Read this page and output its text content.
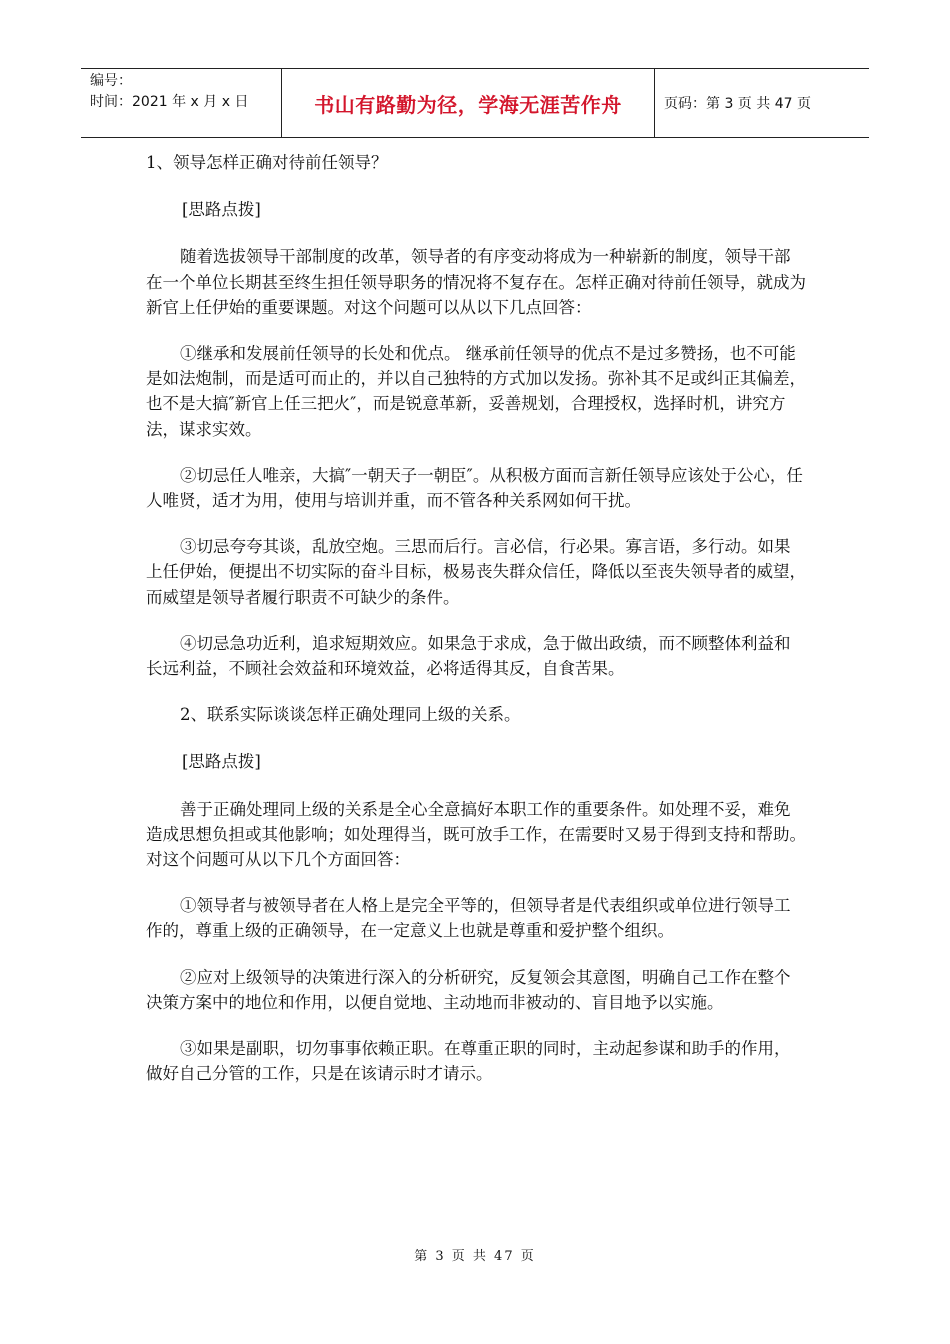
编号：
时间：2021 年 x 月 x 日	书山有路勤为径，学海无涯苦作舟	页码：第 3 页 共 47 页

1、领导怎样正确对待前任领导？

[思路点拨]

随着选拔领导干部制度的改革，领导者的有序变动将成为一种崭新的制度，领导干部在一个单位长期甚至终生担任领导职务的情况将不复存在。怎样正确对待前任领导，就成为新官上任伊始的重要课题。对这个问题可以从以下几点回答：

①继承和发展前任领导的长处和优点。 继承前任领导的优点不是过多赞扬，也不可能是如法炮制，而是适可而止的，并以自己独特的方式加以发扬。弥补其不足或纠正其偏差，也不是大搞″新官上任三把火″，而是锐意革新，妥善规划，合理授权，选择时机，讲究方法，谋求实效。

②切忌任人唯亲，大搞″一朝天子一朝臣″。从积极方面而言新任领导应该处于公心，任人唯贤，适才为用，使用与培训并重，而不管各种关系网如何干扰。

③切忌夸夸其谈，乱放空炮。三思而后行。言必信，行必果。寡言语，多行动。如果上任伊始，便提出不切实际的奋斗目标，极易丧失群众信任，降低以至丧失领导者的威望，而威望是领导者履行职责不可缺少的条件。

④切忌急功近利，追求短期效应。如果急于求成，急于做出政绩，而不顾整体利益和长远利益，不顾社会效益和环境效益，必将适得其反，自食苦果。

2、联系实际谈谈怎样正确处理同上级的关系。

[思路点拨]

善于正确处理同上级的关系是全心全意搞好本职工作的重要条件。如处理不妥，难免造成思想负担或其他影响；如处理得当，既可放手工作，在需要时又易于得到支持和帮助。对这个问题可从以下几个方面回答：

①领导者与被领导者在人格上是完全平等的，但领导者是代表组织或单位进行领导工作的，尊重上级的正确领导，在一定意义上也就是尊重和爱护整个组织。

②应对上级领导的决策进行深入的分析研究，反复领会其意图，明确自己工作在整个决策方案中的地位和作用，以便自觉地、主动地而非被动的、盲目地予以实施。

③如果是副职，切勿事事依赖正职。在尊重正职的同时，主动起参谋和助手的作用，做好自己分管的工作，只是在该请示时才请示。

第 3 页 共 47 页
